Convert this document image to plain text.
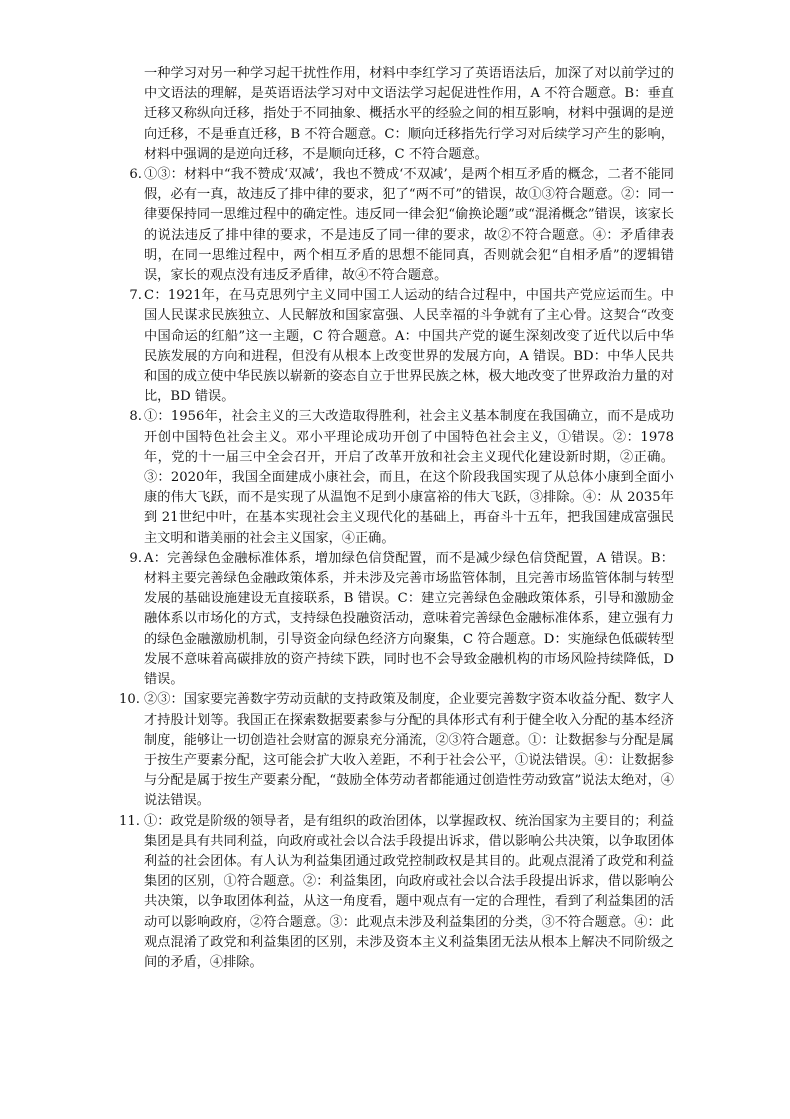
一种学习对另一种学习起干扰性作用，材料中李红学习了英语语法后，加深了对以前学过的中文语法的理解，是英语语法学习对中文语法学习起促进性作用，A 不符合题意。B：垂直迁移又称纵向迁移，指处于不同抽象、概括水平的经验之间的相互影响，材料中强调的是逆向迁移，不是垂直迁移，B 不符合题意。C：顺向迁移指先行学习对后续学习产生的影响，材料中强调的是逆向迁移，不是顺向迁移，C 不符合题意。

6. ①③：材料中“我不赞成‘双减’，我也不赞成‘不双减’，是两个相互矛盾的概念，二者不能同假，必有一真，故违反了排中律的要求，犯了“两不可”的错误，故①③符合题意。②：同一律要保持同一思维过程中的确定性。违反同一律会犯“偷换论题”或“混淆概念”错误，该家长的说法违反了排中律的要求，不是违反了同一律的要求，故②不符合题意。④：矛盾律表明，在同一思维过程中，两个相互矛盾的思想不能同真，否则就会犯“自相矛盾”的逻辑错误，家长的观点没有违反矛盾律，故④不符合题意。

7. C：1921年，在马克思列宁主义同中国工人运动的结合过程中，中国共产党应运而生。中国人民谋求民族独立、人民解放和国家富强、人民幸福的斗争就有了主心骨。这契合“改变中国命运的红船”这一主题，C 符合题意。A：中国共产党的诞生深刻改变了近代以后中华民族发展的方向和进程，但没有从根本上改变世界的发展方向，A 错误。BD：中华人民共和国的成立使中华民族以崭新的姿态自立于世界民族之林，极大地改变了世界政治力量的对比，BD 错误。

8. ①：1956年，社会主义的三大改造取得胜利，社会主义基本制度在我国确立，而不是成功开创中国特色社会主义。邓小平理论成功开创了中国特色社会主义，①错误。②：1978年，党的十一届三中全会召开，开启了改革开放和社会主义现代化建设新时期，②正确。③：2020年，我国全面建成小康社会，而且，在这个阶段我国实现了从总体小康到全面小康的伟大飞跃，而不是实现了从温饱不足到小康富裕的伟大飞跃，③排除。④：从 2035年到 21世纪中叶，在基本实现社会主义现代化的基础上，再奋斗十五年，把我国建成富强民主文明和谐美丽的社会主义国家，④正确。

9. A：完善绿色金融标准体系，增加绿色信贷配置，而不是减少绿色信贷配置，A 错误。B：材料主要完善绿色金融政策体系，并未涉及完善市场监管体制，且完善市场监管体制与转型发展的基础设施建设无直接联系，B 错误。C：建立完善绿色金融政策体系，引导和激励金融体系以市场化的方式，支持绿色投融资活动，意味着完善绿色金融标准体系，建立强有力的绿色金融激励机制，引导资金向绿色经济方向聚集，C 符合题意。D：实施绿色低碳转型发展不意味着高碳排放的资产持续下跌，同时也不会导致金融机构的市场风险持续降低，D 错误。

10. ②③：国家要完善数字劳动贡献的支持政策及制度，企业要完善数字资本收益分配、数字人才持股计划等。我国正在探索数据要素参与分配的具体形式有利于健全收入分配的基本经济制度，能够让一切创造社会财富的源泉充分涌流，②③符合题意。①：让数据参与分配是属于按生产要素分配，这可能会扩大收入差距，不利于社会公平，①说法错误。④：让数据参与分配是属于按生产要素分配，“鼓励全体劳动者都能通过创造性劳动致富”说法太绝对，④说法错误。

11. ①：政党是阶级的领导者，是有组织的政治团体，以掌握政权、统治国家为主要目的；利益集团是具有共同利益，向政府或社会以合法手段提出诉求，借以影响公共决策，以争取团体利益的社会团体。有人认为利益集团通过政党控制政权是其目的。此观点混淆了政党和利益集团的区别，①符合题意。②：利益集团，向政府或社会以合法手段提出诉求，借以影响公共决策，以争取团体利益，从这一角度看，题中观点有一定的合理性，看到了利益集团的活动可以影响政府，②符合题意。③：此观点未涉及利益集团的分类，③不符合题意。④：此观点混淆了政党和利益集团的区别，未涉及资本主义利益集团无法从根本上解决不同阶级之间的矛盾，④排除。
